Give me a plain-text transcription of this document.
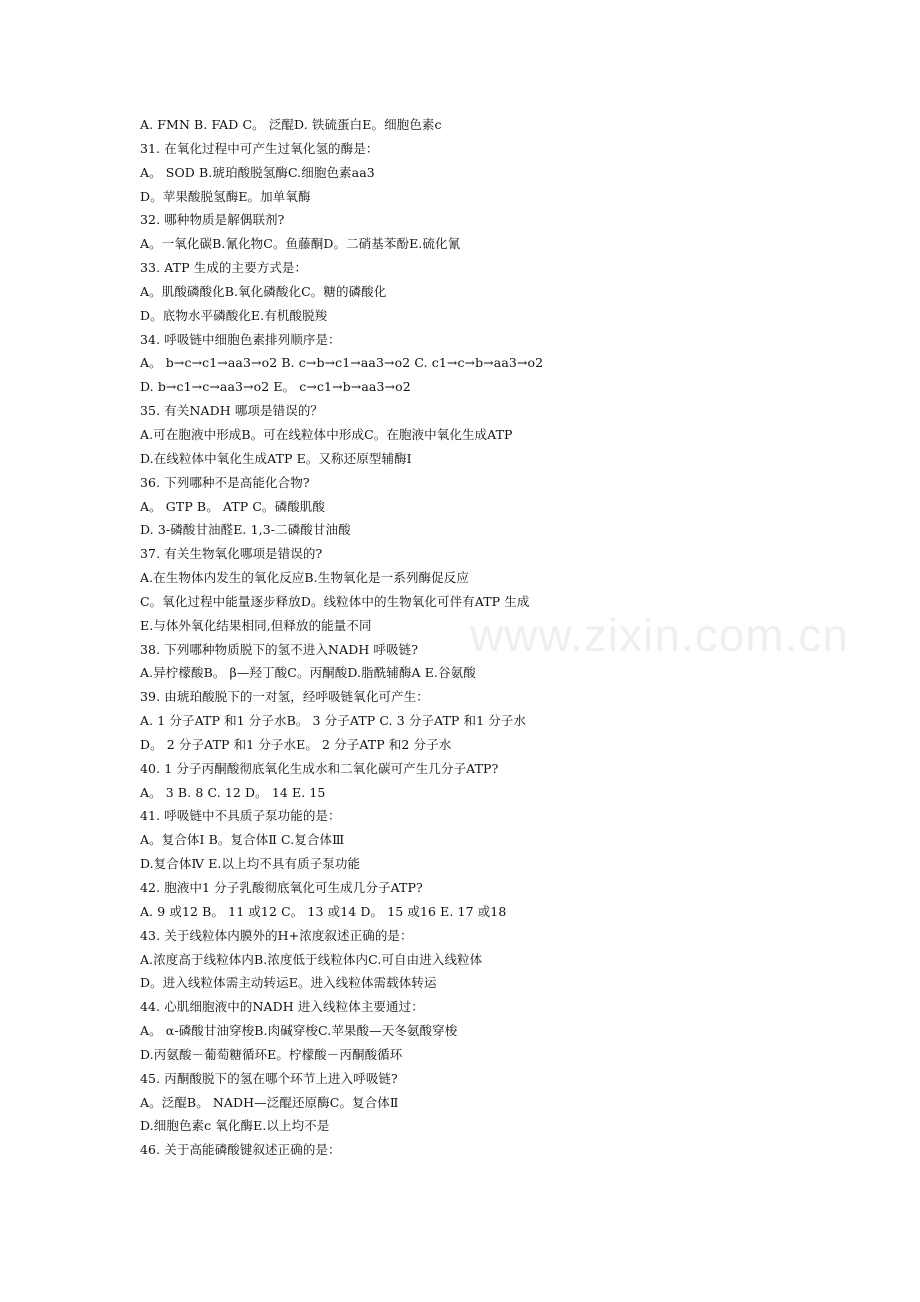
A. FMN B. FAD C。 泛醌D. 铁硫蛋白E。细胞色素c
31. 在氧化过程中可产生过氧化氢的酶是：
A。 SOD B.琥珀酸脱氢酶C.细胞色素aa3
D。苹果酸脱氢酶E。加单氧酶
32. 哪种物质是解偶联剂?
A。一氧化碳B.氰化物C。鱼藤酮D。二硝基苯酚E.硫化氰
33. ATP 生成的主要方式是：
A。肌酸磷酸化B.氧化磷酸化C。糖的磷酸化
D。底物水平磷酸化E.有机酸脱羧
34. 呼吸链中细胞色素排列顺序是：
A。 b→c→c1→aa3→o2 B. c→b→c1→aa3→o2 C. c1→c→b→aa3→o2
D. b→c1→c→aa3→o2 E。 c→c1→b→aa3→o2
35. 有关NADH 哪项是错误的？
A.可在胞液中形成B。可在线粒体中形成C。在胞液中氧化生成ATP
D.在线粒体中氧化生成ATP E。又称还原型辅酶Ⅰ
36. 下列哪种不是高能化合物?
A。 GTP B。 ATP C。磷酸肌酸
D. 3-磷酸甘油醛E. 1,3-二磷酸甘油酸
37. 有关生物氧化哪项是错误的?
A.在生物体内发生的氧化反应B.生物氧化是一系列酶促反应
C。氧化过程中能量逐步释放D。线粒体中的生物氧化可伴有ATP 生成
E.与体外氧化结果相同,但释放的能量不同
38. 下列哪种物质脱下的氢不进入NADH 呼吸链?
A.异柠檬酸B。 β—羟丁酸C。丙酮酸D.脂酰辅酶A E.谷氨酸
39. 由琥珀酸脱下的一对氢，经呼吸链氧化可产生：
A. 1 分子ATP 和1 分子水B。 3 分子ATP C. 3 分子ATP 和1 分子水
D。 2 分子ATP 和1 分子水E。 2 分子ATP 和2 分子水
40. 1 分子丙酮酸彻底氧化生成水和二氧化碳可产生几分子ATP?
A。 3 B. 8 C. 12 D。 14 E. 15
41. 呼吸链中不具质子泵功能的是：
A。复合体Ⅰ B。复合体Ⅱ C.复合体Ⅲ
D.复合体Ⅳ E.以上均不具有质子泵功能
42. 胞液中1 分子乳酸彻底氧化可生成几分子ATP?
A. 9 或12 B。 11 或12 C。 13 或14 D。 15 或16 E. 17 或18
43. 关于线粒体内膜外的H+浓度叙述正确的是：
A.浓度高于线粒体内B.浓度低于线粒体内C.可自由进入线粒体
D。进入线粒体需主动转运E。进入线粒体需载体转运
44. 心肌细胞液中的NADH 进入线粒体主要通过：
A。 α-磷酸甘油穿梭B.肉碱穿梭C.苹果酸—天冬氨酸穿梭
D.丙氨酸－葡萄糖循环E。柠檬酸－丙酮酸循环
45. 丙酮酸脱下的氢在哪个环节上进入呼吸链?
A。泛醌B。 NADH—泛醌还原酶C。复合体Ⅱ
D.细胞色素c 氧化酶E.以上均不是
46. 关于高能磷酸键叙述正确的是：
www.zixin.com.cn
